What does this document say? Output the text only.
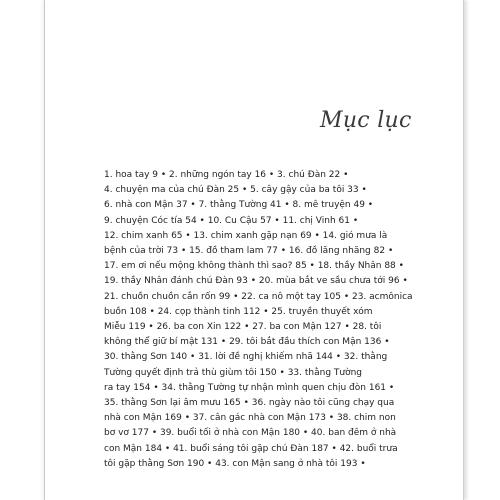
Mục lục
1. hoa tay 9 • 2. những ngón tay 16 • 3. chú Đàn 22 •
4. chuyện ma của chú Đàn 25 • 5. cây gậy của ba tôi 33 •
6. nhà con Mận 37 • 7. thằng Tường 41 • 8. mê truyện 49 •
9. chuyện Cóc tía 54 • 10. Cu Cậu 57 • 11. chị Vinh 61 •
12. chim xanh 65 • 13. chim xanh gặp nạn 69 • 14. gió mưa là
bệnh của trời 73 • 15. đồ tham lam 77 • 16. đồ lăng nhăng 82 •
17. em ơi nếu mộng không thành thì sao? 85 • 18. thầy Nhân 88 •
19. thầy Nhân đánh chú Đàn 93 • 20. mùa bắt ve sầu chưa tới 96 •
21. chuồn chuồn cắn rốn 99 • 22. ca nô một tay 105 • 23. acmônica
buồn 108 • 24. cọp thành tinh 112 • 25. truyền thuyết xóm
Miễu 119 • 26. ba con Xin 122 • 27. ba con Mận 127 • 28. tôi
không thể giữ bí mật 131 • 29. tôi bắt đầu thích con Mận 136 •
30. thằng Sơn 140 • 31. lời đề nghị khiếm nhã 144 • 32. thằng
Tường quyết định trả thù giùm tôi 150 • 33. thằng Tường
ra tay 154 • 34. thằng Tường tự nhận mình quen chịu đòn 161 •
35. thằng Sơn lại âm mưu 165 • 36. ngày nào tôi cũng chạy qua
nhà con Mận 169 • 37. cân gác nhà con Mận 173 • 38. chim non
bơ vơ 177 • 39. buổi tối ở nhà con Mận 180 • 40. ban đêm ở nhà
con Mận 184 • 41. buổi sáng tôi gặp chú Đàn 187 • 42. buổi trưa
tôi gặp thằng Sơn 190 • 43. con Mận sang ở nhà tôi 193 •
